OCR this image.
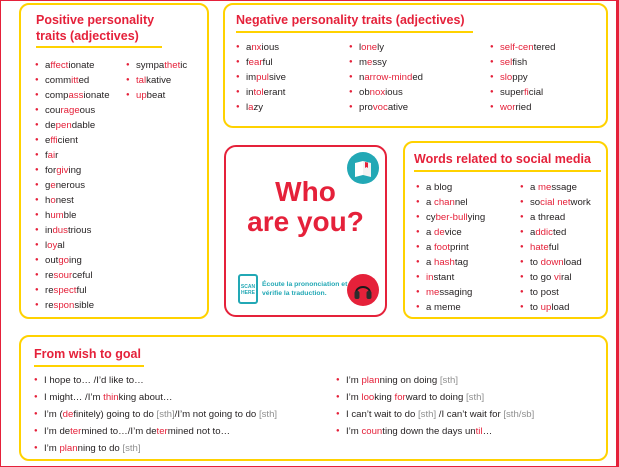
Positive personality
traits (adjectives)
● affectionate
● committed
● compassionate
● courageous
● dependable
● efficient
● fair
● forgiving
● generous
● honest
● humble
● industrious
● loyal
● outgoing
● resourceful
● respectful
● responsible
● sympathetic
● talkative
● upbeat
Negative personality traits (adjectives)
● anxious
● fearful
● impulsive
● intolerant
● lazy
● lonely
● messy
● narrow-minded
● obnoxious
● provocative
● self-centered
● selfish
● sloppy
● superficial
● worried
Who
are you?
SCAN HERE
Écoute la prononciation et vérifie la traduction.
Words related to social media
● a blog
● a channel
● cyber-bullying
● a device
● a footprint
● a hashtag
● instant
● messaging
● a meme
● a message
● social network
● a thread
● addicted
● hateful
● to download
● to go viral
● to post
● to upload
From wish to goal
● I hope to… /I’d like to…
● I might… /I’m thinking about…
● I’m (definitely) going to do [sth]/I’m not going to do [sth]
● I’m determined to…/I’m determined not to…
● I’m planning to do [sth]
● I’m planning on doing [sth]
● I’m looking forward to doing [sth]
● I can’t wait to do [sth] /I can’t wait for [sth/sb]
● I’m counting down the days until…
